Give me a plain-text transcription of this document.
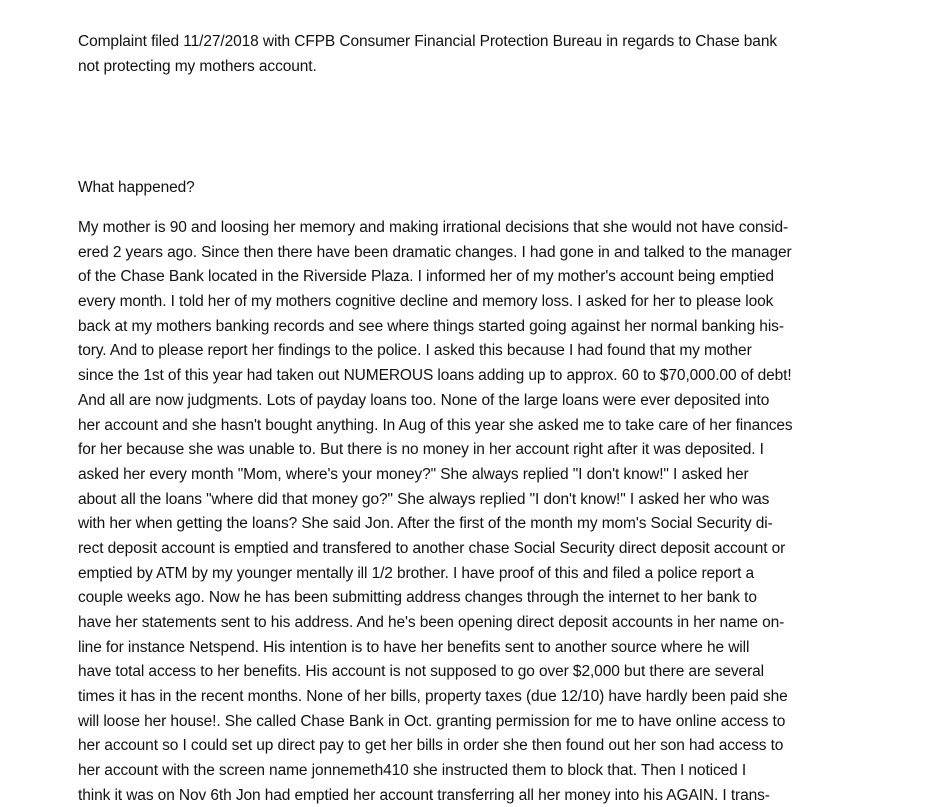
Complaint filed 11/27/2018 with CFPB Consumer Financial Protection Bureau in regards to Chase bank
not protecting my mothers account.
What happened?
My mother is 90 and loosing her memory and making irrational decisions that she would not have consid-
ered 2 years ago. Since then there have been dramatic changes. I had gone in and talked to the manager
of the Chase Bank located in the Riverside Plaza. I informed her of my mother's account being emptied
every month. I told her of my mothers cognitive decline and memory loss. I asked for her to please look
back at my mothers banking records and see where things started going against her normal banking his-
tory. And to please report her findings to the police. I asked this because I had found that my mother
since the 1st of this year had taken out NUMEROUS loans adding up to approx. 60 to $70,000.00 of debt!
And all are now judgments. Lots of payday loans too. None of the large loans were ever deposited into
her account and she hasn't bought anything. In Aug of this year she asked me to take care of her finances
for her because she was unable to. But there is no money in her account right after it was deposited. I
asked her every month "Mom, where's your money?" She always replied "I don't know!" I asked her
about all the loans "where did that money go?" She always replied "I don't know!" I asked her who was
with her when getting the loans? She said Jon. After the first of the month my mom's Social Security di-
rect deposit account is emptied and transfered to another chase Social Security direct deposit account or
emptied by ATM by my younger mentally ill 1/2 brother. I have proof of this and filed a police report a
couple weeks ago. Now he has been submitting address changes through the internet to her bank to
have her statements sent to his address. And he's been opening direct deposit accounts in her name on-
line for instance Netspend. His intention is to have her benefits sent to another source where he will
have total access to her benefits. His account is not supposed to go over $2,000 but there are several
times it has in the recent months. None of her bills, property taxes (due 12/10) have hardly been paid she
will loose her house!. She called Chase Bank in Oct. granting permission for me to have online access to
her account so I could set up direct pay to get her bills in order she then found out her son had access to
her account with the screen name jonnemeth410 she instructed them to block that. Then I noticed I
think it was on Nov 6th Jon had emptied her account transferring all her money into his AGAIN. I trans-
